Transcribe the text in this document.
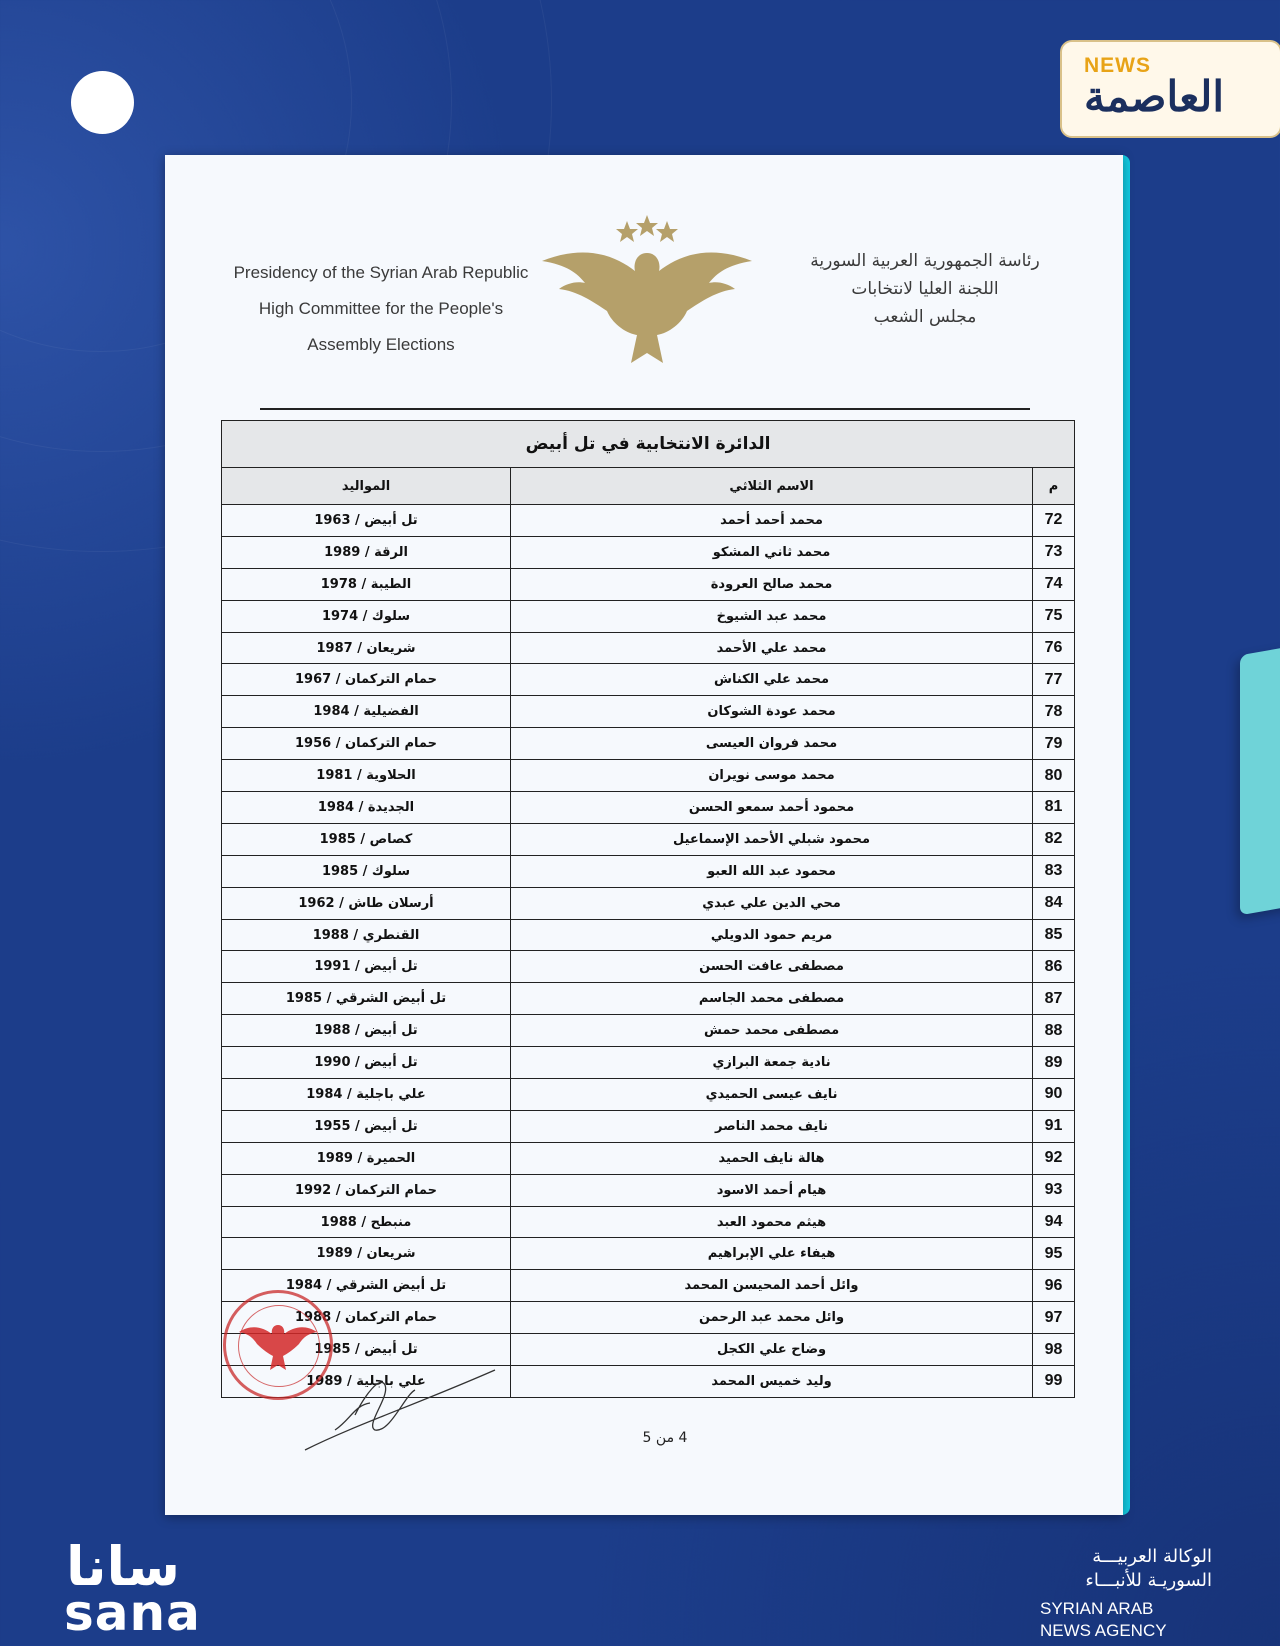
NEWS
العاصمة
Presidency of the Syrian Arab Republic
High Committee for the People's
Assembly Elections
رئاسة الجمهورية العربية السورية
اللجنة العليا لانتخابات
مجلس الشعب
الدائرة الانتخابية في تل أبيض		
م	الاسم الثلاثي	المواليد
72	محمد أحمد أحمد	تل أبيض / 1963
73	محمد ثاني المشكو	الرقة / 1989
74	محمد صالح العرودة	الطيبة / 1978
75	محمد عبد الشيوخ	سلوك / 1974
76	محمد علي الأحمد	شريعان / 1987
77	محمد علي الكناش	حمام التركمان / 1967
78	محمد عودة الشوكان	الفضيلية / 1984
79	محمد فروان العيسى	حمام التركمان / 1956
80	محمد موسى نويران	الحلاوية / 1981
81	محمود أحمد سمعو الحسن	الجديدة / 1984
82	محمود شبلي الأحمد الإسماعيل	كصاص / 1985
83	محمود عبد الله العبو	سلوك / 1985
84	محي الدين علي عبدي	أرسلان طاش / 1962
85	مريم حمود الدويلي	القنطري / 1988
86	مصطفى عافت الحسن	تل أبيض / 1991
87	مصطفى محمد الجاسم	تل أبيض الشرقي / 1985
88	مصطفى محمد حمش	تل أبيض / 1988
89	نادية جمعة البرازي	تل أبيض / 1990
90	نايف عيسى الحميدي	علي باجلية / 1984
91	نايف محمد الناصر	تل أبيض / 1955
92	هالة نايف الحميد	الحميرة / 1989
93	هيام أحمد الاسود	حمام التركمان / 1992
94	هيثم محمود العبد	منبطح / 1988
95	هيفاء علي الإبراهيم	شريعان / 1989
96	وائل أحمد المحيسن المحمد	تل أبيض الشرقي / 1984
97	وائل محمد عبد الرحمن	حمام التركمان / 1988
98	وضاح علي الكجل	تل أبيض / 1985
99	وليد خميس المحمد	علي باجلية / 1989
4 من 5
سانا
sana
الوكالة العربيـــة
السوريـة للأنبـــاء
SYRIAN ARAB
NEWS AGENCY
